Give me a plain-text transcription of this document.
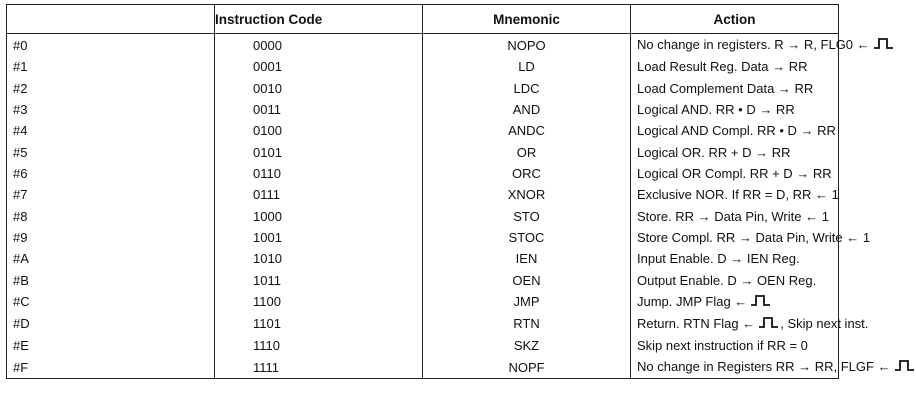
	Instruction Code	Mnemonic	Action
#0	0000	NOPO	No change in registers. R → R, FLG0 ←
#1	0001	LD	Load Result Reg. Data → RR
#2	0010	LDC	Load Complement Data → RR
#3	0011	AND	Logical AND. RR • D → RR
#4	0100	ANDC	Logical AND Compl. RR • D → RR
#5	0101	OR	Logical OR. RR + D → RR
#6	0110	ORC	Logical OR Compl. RR + D → RR
#7	0111	XNOR	Exclusive NOR. If RR = D, RR ← 1
#8	1000	STO	Store. RR → Data Pin, Write ← 1
#9	1001	STOC	Store Compl. RR → Data Pin, Write ← 1
#A	1010	IEN	Input Enable. D → IEN Reg.
#B	1011	OEN	Output Enable. D → OEN Reg.
#C	1100	JMP	Jump. JMP Flag ←
#D	1101	RTN	Return. RTN Flag ← , Skip next inst.
#E	1110	SKZ	Skip next instruction if RR = 0
#F	1111	NOPF	No change in Registers RR → RR, FLGF ←
